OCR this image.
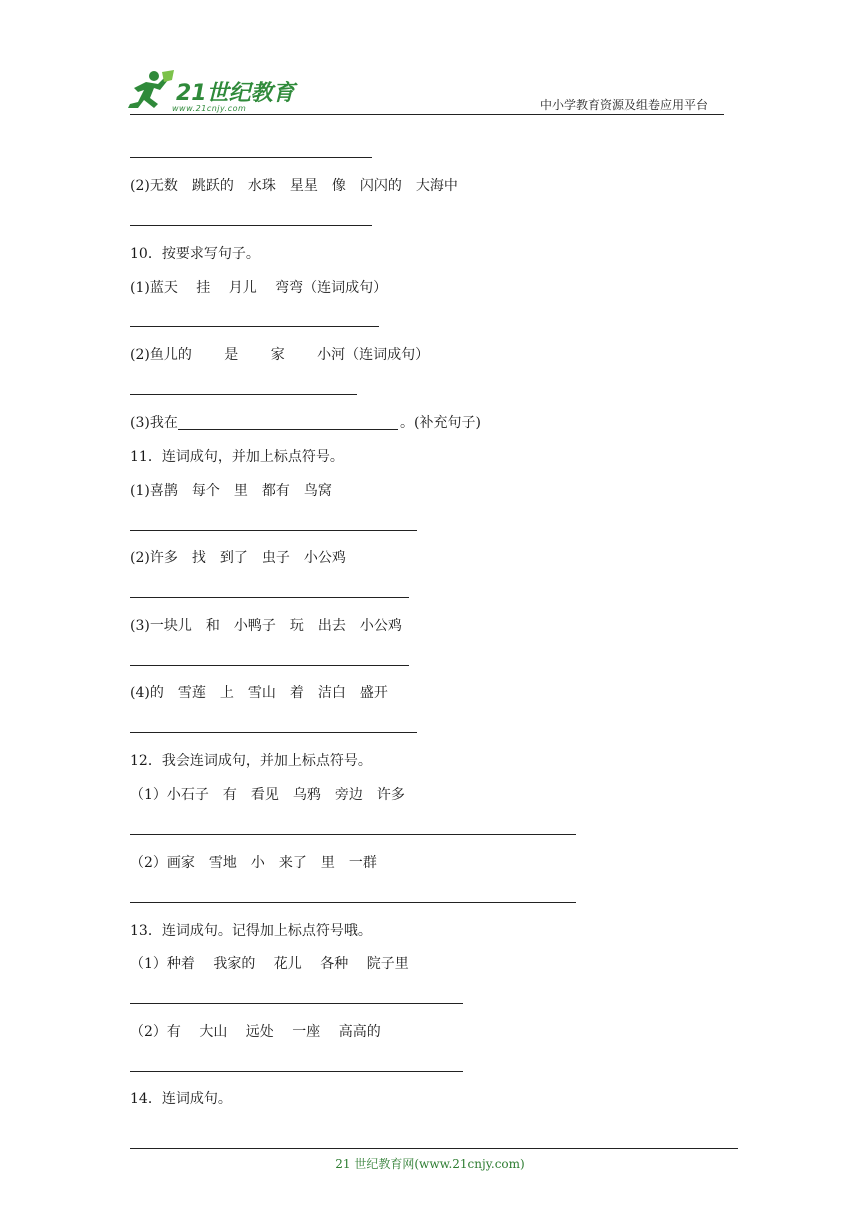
21世纪教育
www.21cnjy.com	中小学教育资源及组卷应用平台
(2)无数　跳跃的　水珠　星星　像　闪闪的　大海中
10．按要求写句子。
(1)蓝天　 挂　 月儿　 弯弯（连词成句）
(2)鱼儿的　　 是　　 家　　 小河（连词成句）
(3)我在	。(补充句子)
11．连词成句，并加上标点符号。
(1)喜鹊　每个　里　都有　鸟窝
(2)许多　找　到了　虫子　小公鸡
(3)一块儿　和　小鸭子　玩　出去　小公鸡
(4)的　雪莲　上　雪山　着　洁白　盛开
12．我会连词成句，并加上标点符号。
（1）小石子　有　看见　乌鸦　旁边　许多
（2）画家　雪地　小　来了　里　一群
13．连词成句。记得加上标点符号哦。
（1）种着　 我家的　 花儿　 各种　 院子里
（2）有　 大山　 远处　 一座　 高高的
14．连词成句。
21 世纪教育网(www.21cnjy.com)
